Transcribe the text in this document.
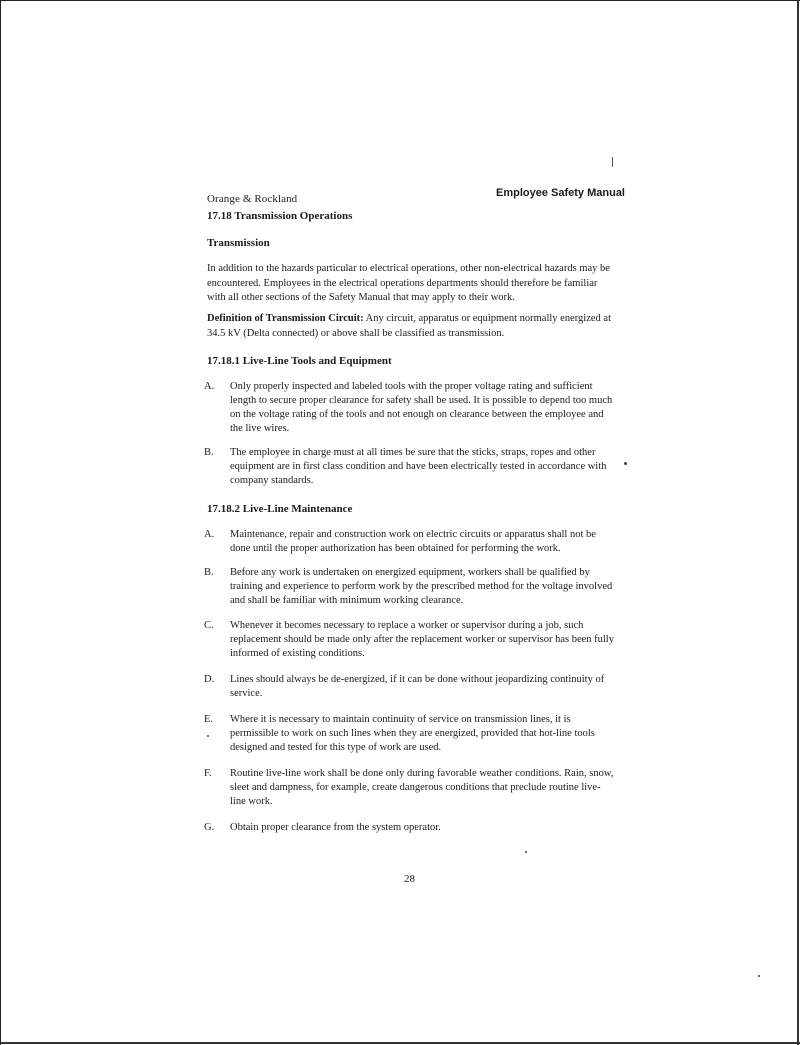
Orange & Rockland	Employee Safety Manual
17.18 Transmission Operations
Transmission
In addition to the hazards particular to electrical operations, other non-electrical hazards may be encountered. Employees in the electrical operations departments should therefore be familiar with all other sections of the Safety Manual that may apply to their work.
Definition of Transmission Circuit: Any circuit, apparatus or equipment normally energized at 34.5 kV (Delta connected) or above shall be classified as transmission.
17.18.1 Live-Line Tools and Equipment
A.	Only properly inspected and labeled tools with the proper voltage rating and sufficient length to secure proper clearance for safety shall be used. It is possible to depend too much on the voltage rating of the tools and not enough on clearance between the employee and the live wires.
B.	The employee in charge must at all times be sure that the sticks, straps, ropes and other equipment are in first class condition and have been electrically tested in accordance with company standards.
17.18.2 Live-Line Maintenance
A.	Maintenance, repair and construction work on electric circuits or apparatus shall not be done until the proper authorization has been obtained for performing the work.
B.	Before any work is undertaken on energized equipment, workers shall be qualified by training and experience to perform work by the prescribed method for the voltage involved and shall be familiar with minimum working clearance.
C.	Whenever it becomes necessary to replace a worker or supervisor during a job, such replacement should be made only after the replacement worker or supervisor has been fully informed of existing conditions.
D.	Lines should always be de-energized, if it can be done without jeopardizing continuity of service.
E.	Where it is necessary to maintain continuity of service on transmission lines, it is permissible to work on such lines when they are energized, provided that hot-line tools designed and tested for this type of work are used.
F.	Routine live-line work shall be done only during favorable weather conditions. Rain, snow, sleet and dampness, for example, create dangerous conditions that preclude routine live-line work.
G.	Obtain proper clearance from the system operator.
28
